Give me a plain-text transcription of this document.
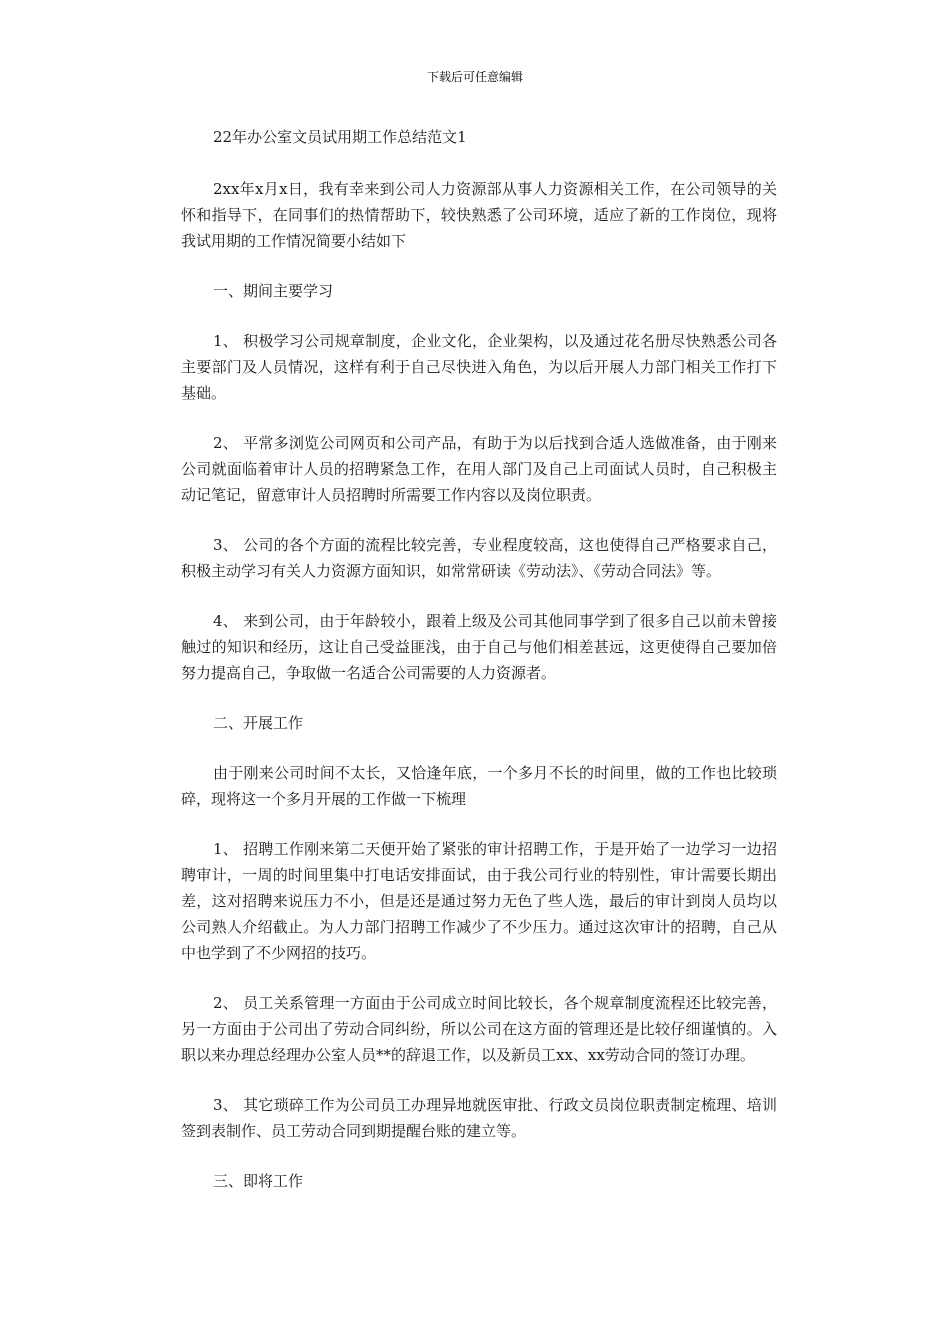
下载后可任意编辑

22年办公室文员试用期工作总结范文1

2xx年x月x日，我有幸来到公司人力资源部从事人力资源相关工作，在公司领导的关怀和指导下，在同事们的热情帮助下，较快熟悉了公司环境，适应了新的工作岗位，现将我试用期的工作情况简要小结如下

一、期间主要学习

1、 积极学习公司规章制度，企业文化，企业架构，以及通过花名册尽快熟悉公司各主要部门及人员情况，这样有利于自己尽快进入角色，为以后开展人力部门相关工作打下基础。

2、 平常多浏览公司网页和公司产品，有助于为以后找到合适人选做准备，由于刚来公司就面临着审计人员的招聘紧急工作，在用人部门及自己上司面试人员时，自己积极主动记笔记，留意审计人员招聘时所需要工作内容以及岗位职责。

3、 公司的各个方面的流程比较完善，专业程度较高，这也使得自己严格要求自己，积极主动学习有关人力资源方面知识，如常常研读《劳动法》、《劳动合同法》等。

4、 来到公司，由于年龄较小，跟着上级及公司其他同事学到了很多自己以前未曾接触过的知识和经历，这让自己受益匪浅，由于自己与他们相差甚远，这更使得自己要加倍努力提高自己，争取做一名适合公司需要的人力资源者。

二、开展工作

由于刚来公司时间不太长，又恰逢年底，一个多月不长的时间里，做的工作也比较琐碎，现将这一个多月开展的工作做一下梳理

1、 招聘工作刚来第二天便开始了紧张的审计招聘工作，于是开始了一边学习一边招聘审计，一周的时间里集中打电话安排面试，由于我公司行业的特别性，审计需要长期出差，这对招聘来说压力不小，但是还是通过努力无色了些人选，最后的审计到岗人员均以公司熟人介绍截止。为人力部门招聘工作减少了不少压力。通过这次审计的招聘，自己从中也学到了不少网招的技巧。

2、 员工关系管理一方面由于公司成立时间比较长，各个规章制度流程还比较完善，另一方面由于公司出了劳动合同纠纷，所以公司在这方面的管理还是比较仔细谨慎的。入职以来办理总经理办公室人员**的辞退工作，以及新员工xx、xx劳动合同的签订办理。

3、 其它琐碎工作为公司员工办理异地就医审批、行政文员岗位职责制定梳理、培训签到表制作、员工劳动合同到期提醒台账的建立等。

三、即将工作
